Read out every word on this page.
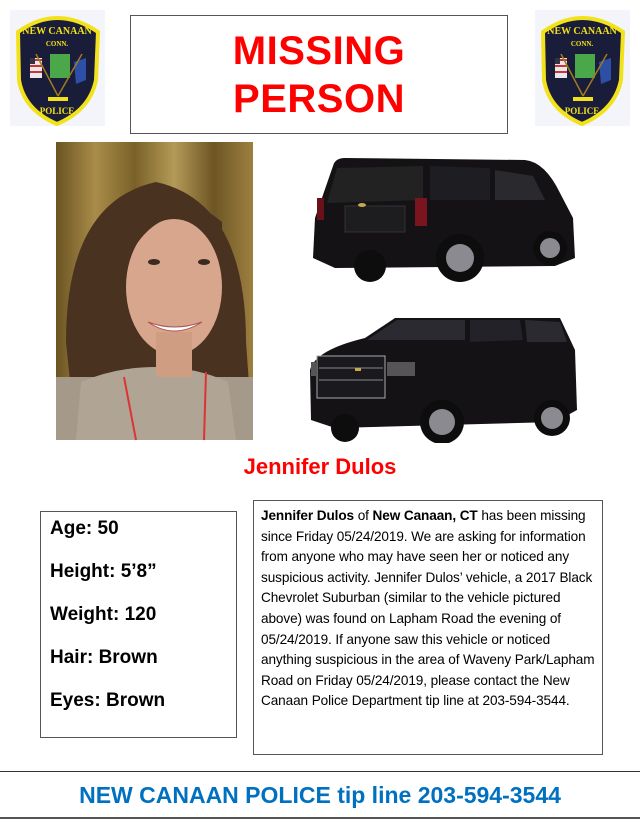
NEW CANAAN
CONN.
POLICE
MISSING
PERSON
NEW CANAAN
CONN.
POLICE
Jennifer Dulos
Age: 50
Height: 5’8”
Weight: 120
Hair: Brown
Eyes: Brown
Jennifer Dulos of New Canaan, CT has been missing since Friday 05/24/2019. We are asking for information from anyone who may have seen her or noticed any suspicious activity. Jennifer Dulos’ vehicle, a 2017 Black Chevrolet Suburban (similar to the vehicle pictured above) was found on Lapham Road the evening of 05/24/2019. If anyone saw this vehicle or noticed anything suspicious in the area of Waveny Park/Lapham Road on Friday 05/24/2019, please contact the New Canaan Police Department tip line at 203-594-3544.
NEW CANAAN POLICE tip line 203-594-3544
